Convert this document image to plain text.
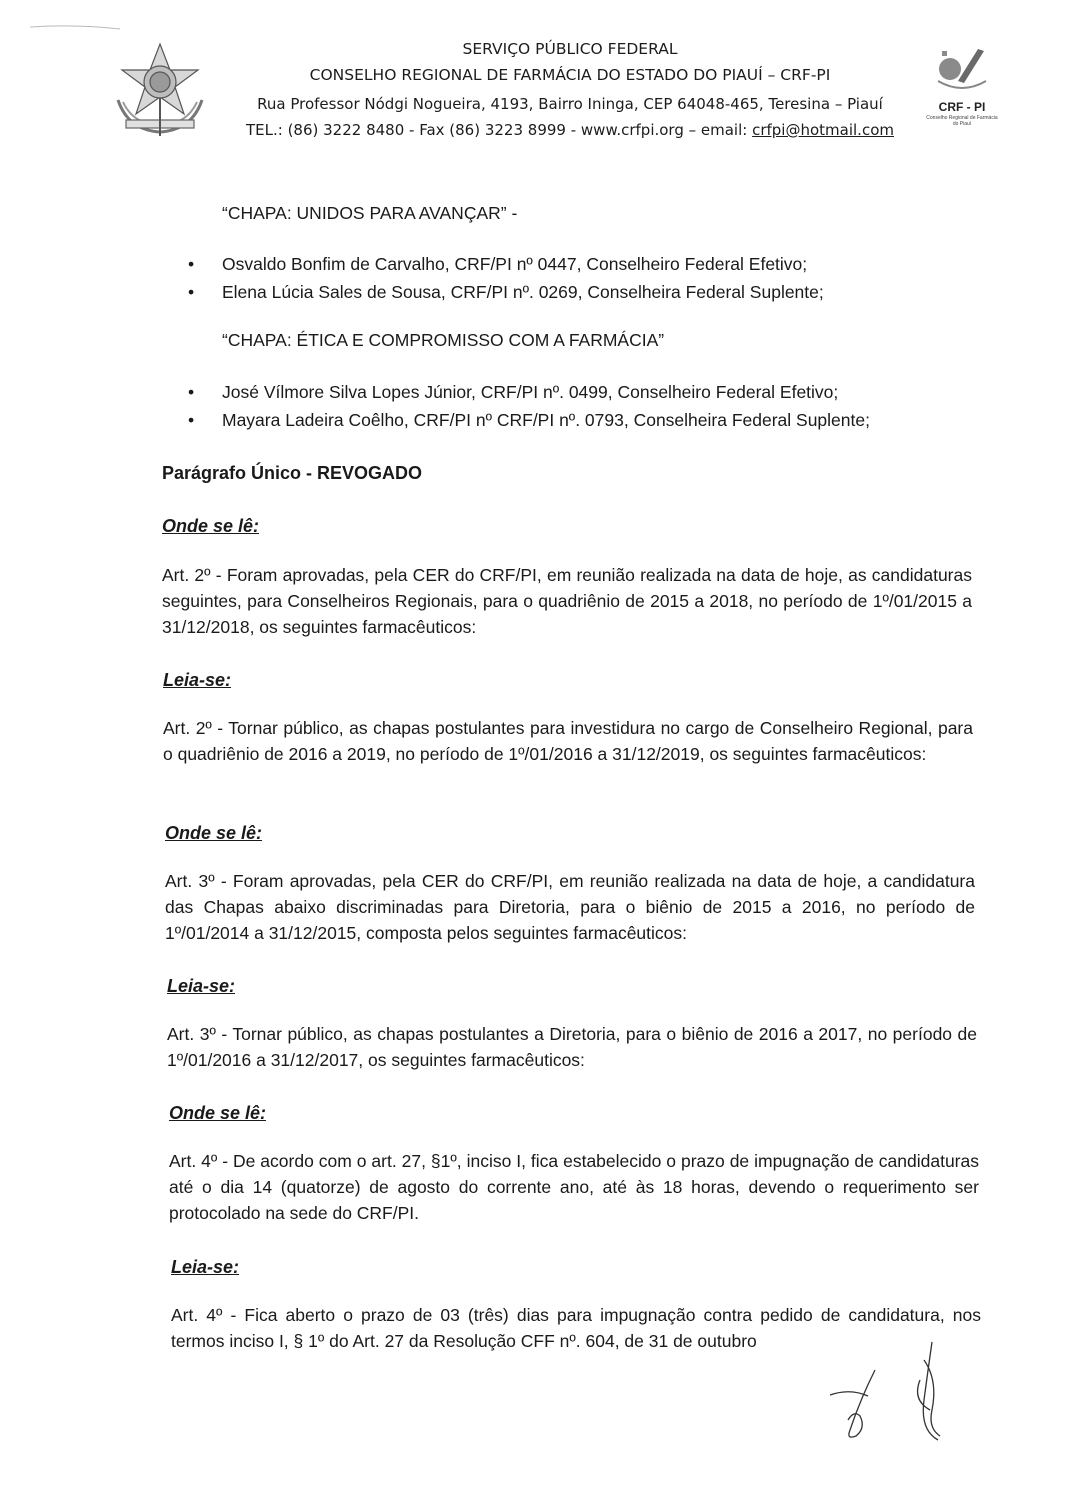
SERVIÇO PÚBLICO FEDERAL
CONSELHO REGIONAL DE FARMÁCIA DO ESTADO DO PIAUÍ – CRF-PI
Rua Professor Nódgi Nogueira, 4193, Bairro Ininga, CEP 64048-465, Teresina – Piauí
TEL.: (86) 3222 8480 - Fax (86) 3223 8999 - www.crfpi.org – email: crfpi@hotmail.com
CRF - PI
Conselho Regional de Farmácia do Piauí
“CHAPA: UNIDOS PARA AVANÇAR” -
•	Osvaldo Bonfim de Carvalho, CRF/PI nº 0447, Conselheiro Federal Efetivo;
•	Elena Lúcia Sales de Sousa, CRF/PI nº. 0269, Conselheira Federal Suplente;
“CHAPA: ÉTICA E COMPROMISSO COM A FARMÁCIA”
•	José Vílmore Silva Lopes Júnior, CRF/PI nº. 0499, Conselheiro Federal Efetivo;
•	Mayara Ladeira Coêlho, CRF/PI nº CRF/PI nº. 0793, Conselheira Federal Suplente;
Parágrafo Único - REVOGADO
Onde se lê:
Art. 2º - Foram aprovadas, pela CER do CRF/PI, em reunião realizada na data de hoje, as candidaturas seguintes, para Conselheiros Regionais, para o quadriênio de 2015 a 2018, no período de 1º/01/2015 a 31/12/2018, os seguintes farmacêuticos:
Leia-se:
Art. 2º - Tornar público, as chapas postulantes para investidura no cargo de Conselheiro Regional, para o quadriênio de 2016 a 2019, no período de 1º/01/2016 a 31/12/2019, os seguintes farmacêuticos:
Onde se lê:
Art. 3º - Foram aprovadas, pela CER do CRF/PI, em reunião realizada na data de hoje, a candidatura das Chapas abaixo discriminadas para Diretoria, para o biênio de 2015 a 2016, no período de 1º/01/2014 a 31/12/2015, composta pelos seguintes farmacêuticos:
Leia-se:
Art. 3º - Tornar público, as chapas postulantes a Diretoria, para o biênio de 2016 a 2017, no período de 1º/01/2016 a 31/12/2017, os seguintes farmacêuticos:
Onde se lê:
Art. 4º - De acordo com o art. 27, §1º, inciso I, fica estabelecido o prazo de impugnação de candidaturas até o dia 14 (quatorze) de agosto do corrente ano, até às 18 horas, devendo o requerimento ser protocolado na sede do CRF/PI.
Leia-se:
Art. 4º - Fica aberto o prazo de 03 (três) dias para impugnação contra pedido de candidatura, nos termos inciso I, § 1º do Art. 27 da Resolução CFF nº. 604, de 31 de outubro
